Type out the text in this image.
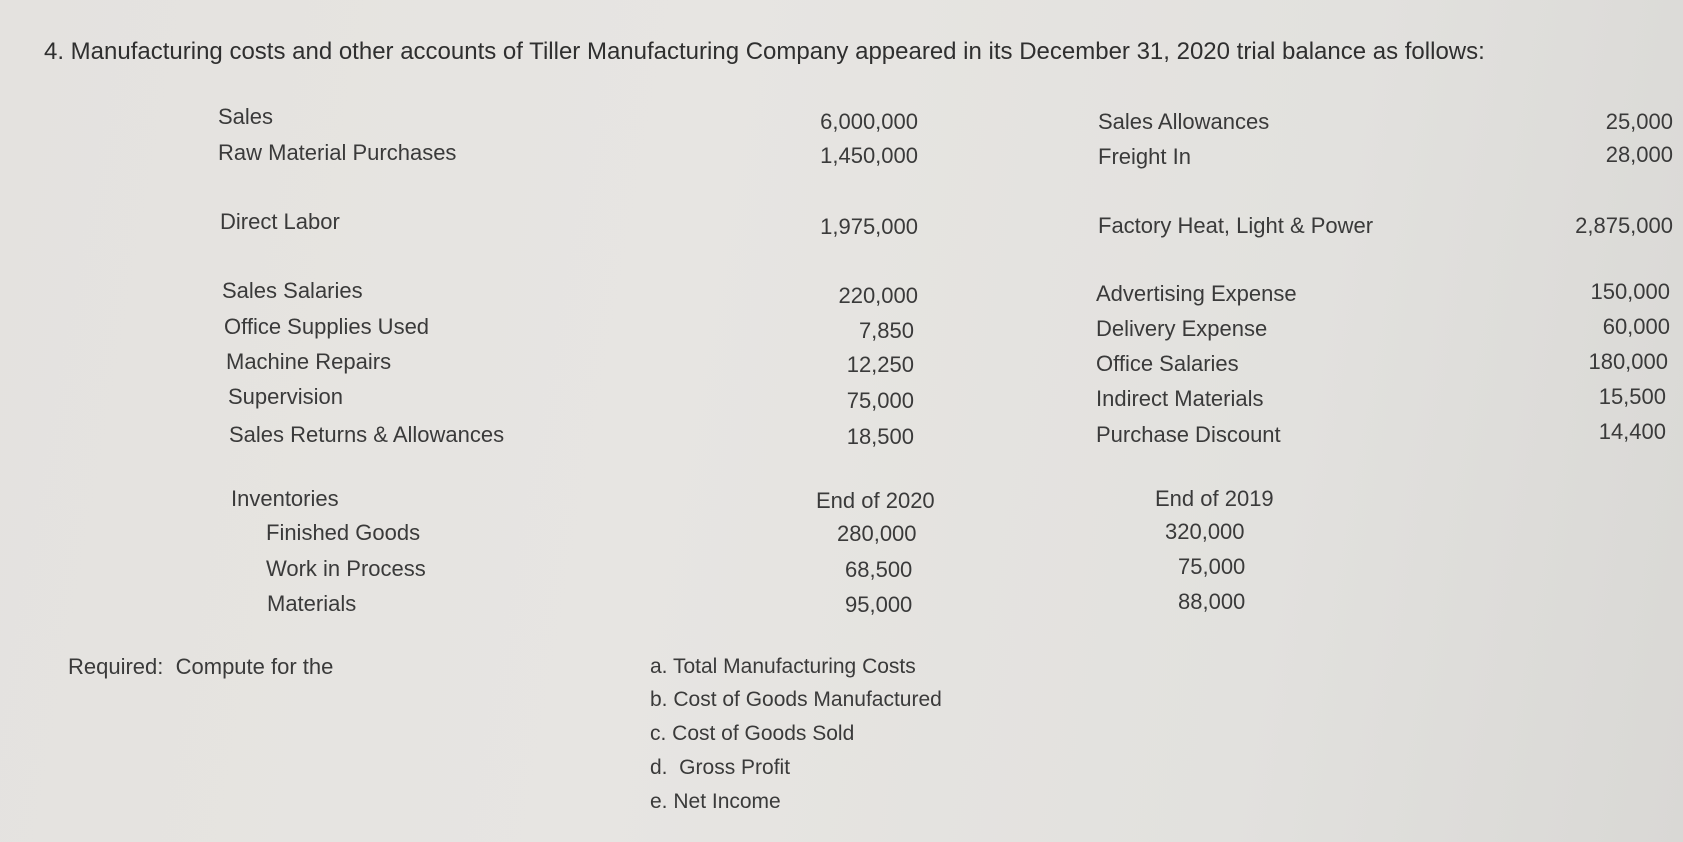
4. Manufacturing costs and other accounts of Tiller Manufacturing Company appeared in its December 31, 2020 trial balance as follows:
Sales	6,000,000	Sales Allowances	25,000
Raw Material Purchases	1,450,000	Freight In	28,000
Direct Labor	1,975,000	Factory Heat, Light & Power	2,875,000
Sales Salaries	220,000	Advertising Expense	150,000
Office Supplies Used	7,850	Delivery Expense	60,000
Machine Repairs	12,250	Office Salaries	180,000
Supervision	75,000	Indirect Materials	15,500
Sales Returns & Allowances	18,500	Purchase Discount	14,400
Inventories	End of 2020	End of 2019
Finished Goods	280,000	320,000
Work in Process	68,500	75,000
Materials	95,000	88,000
Required:  Compute for the	a. Total Manufacturing Costs
b. Cost of Goods Manufactured
c. Cost of Goods Sold
d.  Gross Profit
e. Net Income
